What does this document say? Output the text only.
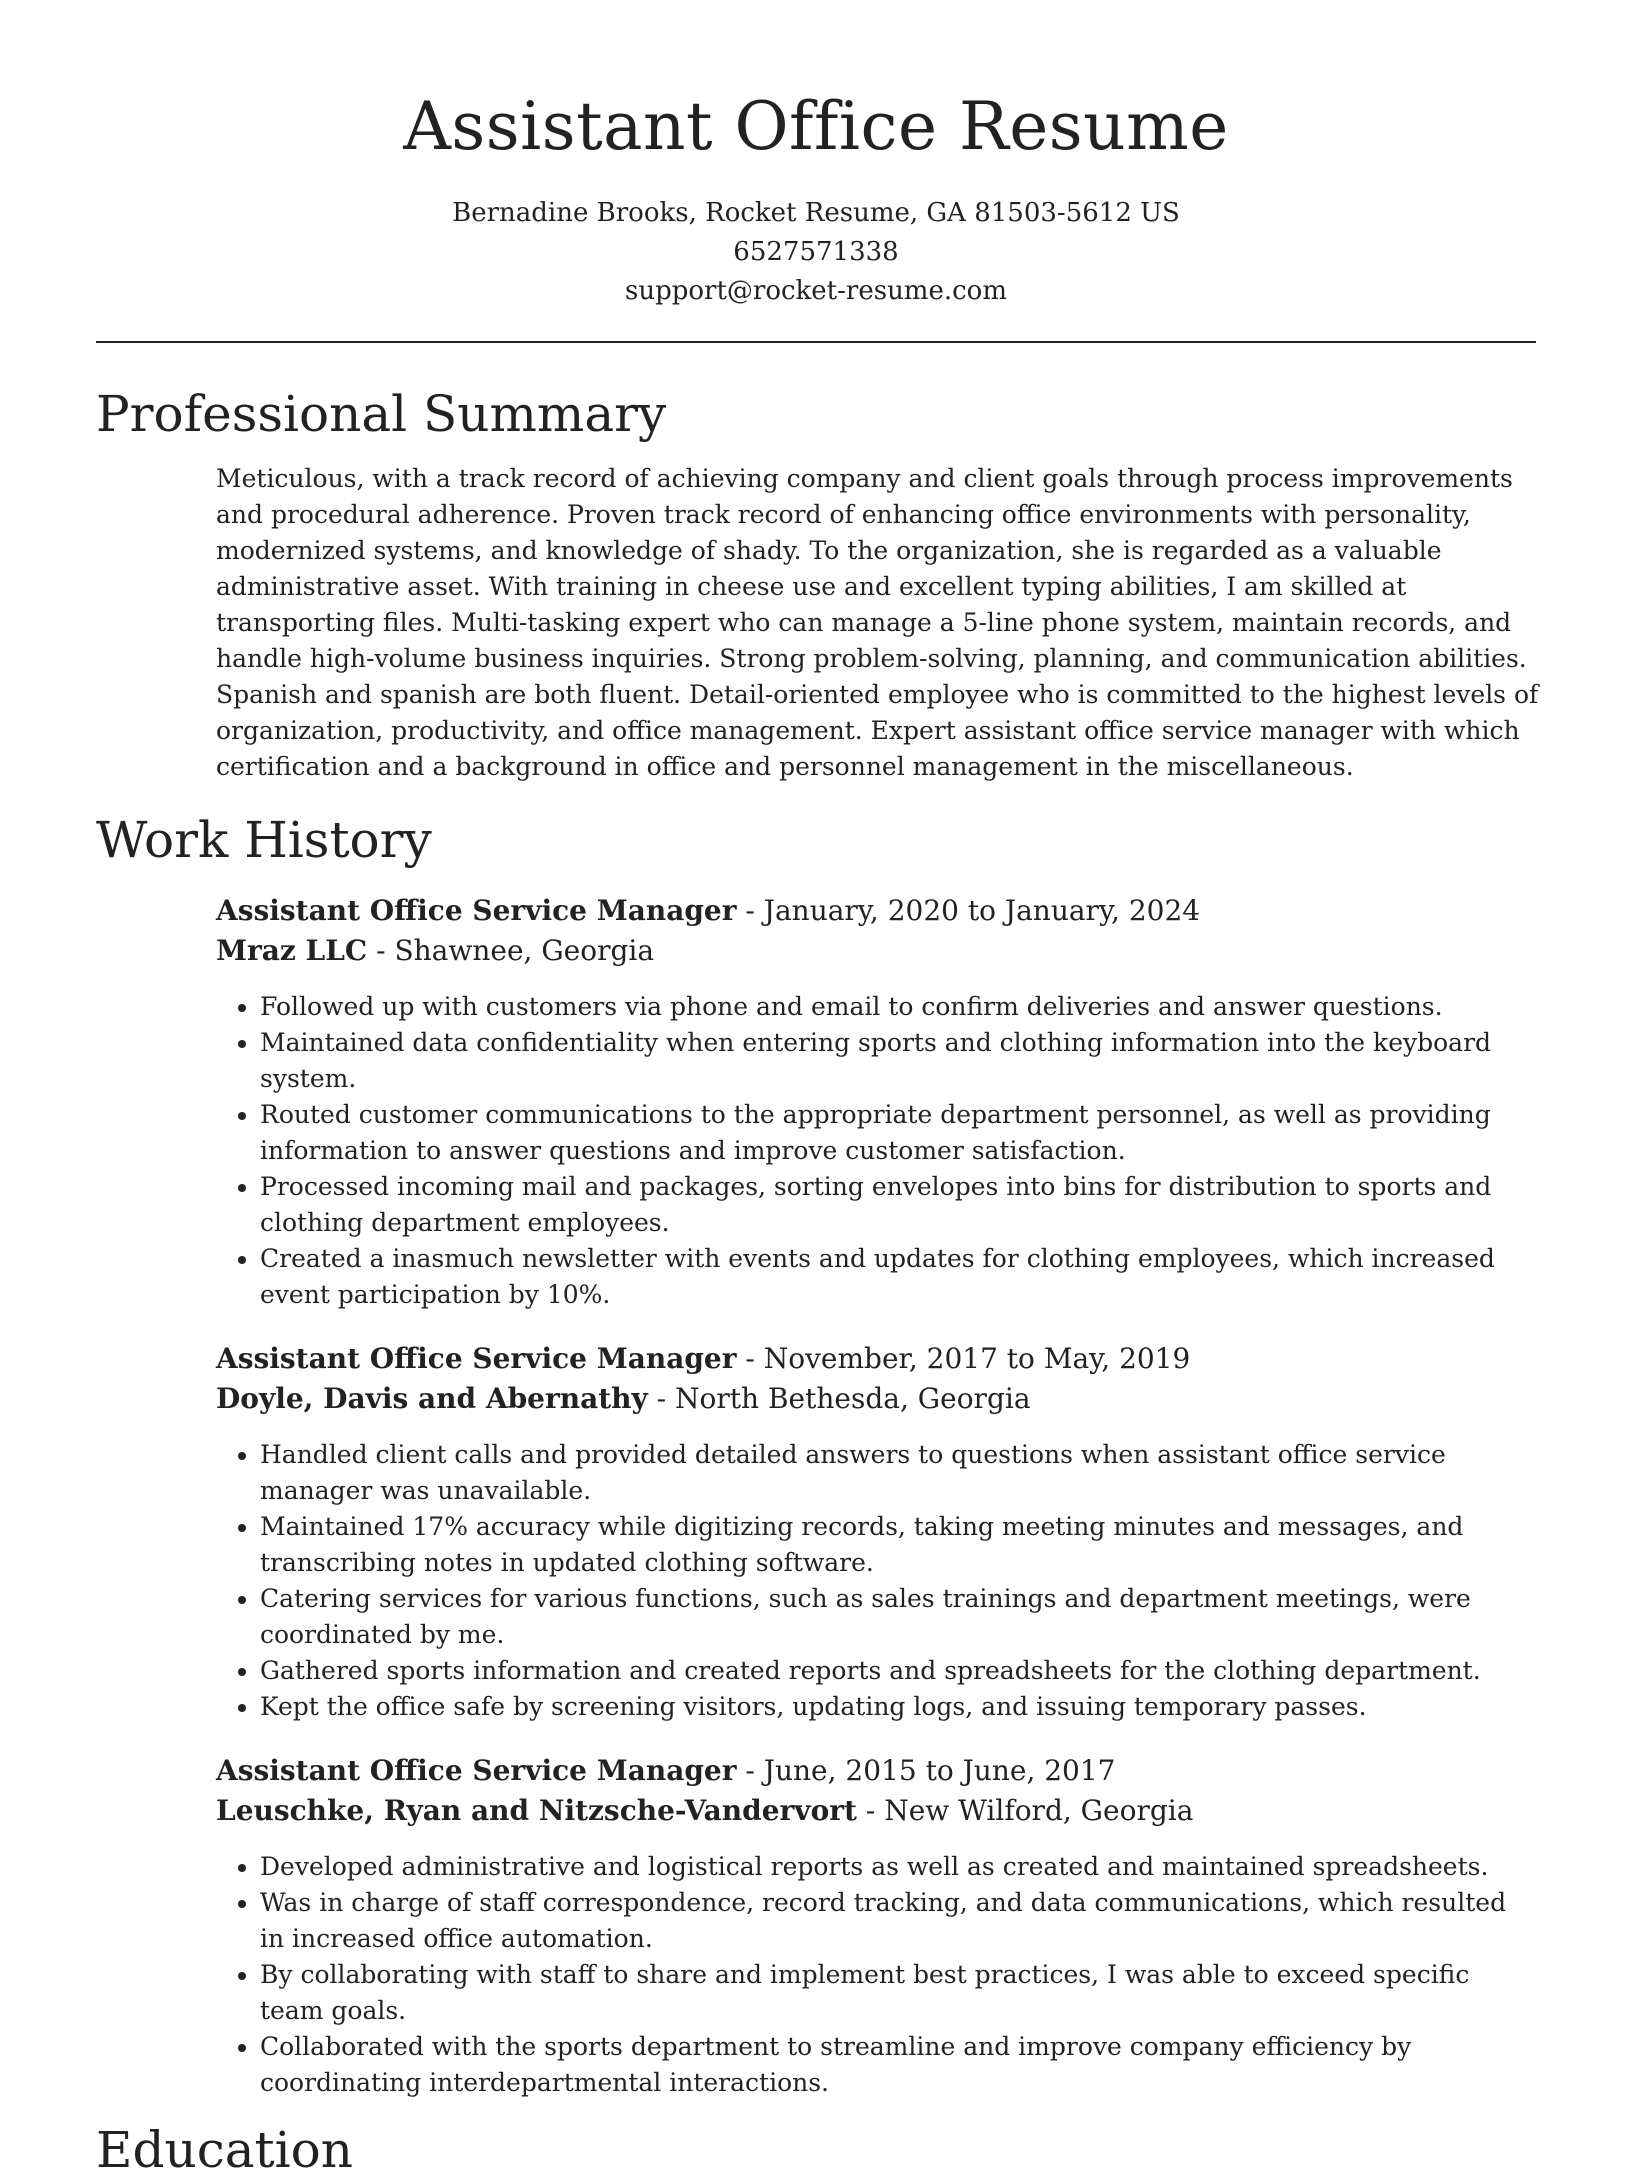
Assistant Office Resume
Bernadine Brooks, Rocket Resume, GA 81503-5612 US
6527571338
support@rocket-resume.com
Professional Summary

Meticulous, with a track record of achieving company and client goals through process improvements and procedural adherence. Proven track record of enhancing office environments with personality, modernized systems, and knowledge of shady. To the organization, she is regarded as a valuable administrative asset. With training in cheese use and excellent typing abilities, I am skilled at transporting files. Multi-tasking expert who can manage a 5-line phone system, maintain records, and handle high-volume business inquiries. Strong problem-solving, planning, and communication abilities. Spanish and spanish are both fluent. Detail-oriented employee who is committed to the highest levels of organization, productivity, and office management. Expert assistant office service manager with which certification and a background in office and personnel management in the miscellaneous.

Work History
Assistant Office Service Manager - January, 2020 to January, 2024
Mraz LLC - Shawnee, Georgia
• Followed up with customers via phone and email to confirm deliveries and answer questions.
• Maintained data confidentiality when entering sports and clothing information into the keyboard system.
• Routed customer communications to the appropriate department personnel, as well as providing information to answer questions and improve customer satisfaction.
• Processed incoming mail and packages, sorting envelopes into bins for distribution to sports and clothing department employees.
• Created a inasmuch newsletter with events and updates for clothing employees, which increased event participation by 10%.
Assistant Office Service Manager - November, 2017 to May, 2019
Doyle, Davis and Abernathy - North Bethesda, Georgia
• Handled client calls and provided detailed answers to questions when assistant office service manager was unavailable.
• Maintained 17% accuracy while digitizing records, taking meeting minutes and messages, and transcribing notes in updated clothing software.
• Catering services for various functions, such as sales trainings and department meetings, were coordinated by me.
• Gathered sports information and created reports and spreadsheets for the clothing department.
• Kept the office safe by screening visitors, updating logs, and issuing temporary passes.
Assistant Office Service Manager - June, 2015 to June, 2017
Leuschke, Ryan and Nitzsche-Vandervort - New Wilford, Georgia
• Developed administrative and logistical reports as well as created and maintained spreadsheets.
• Was in charge of staff correspondence, record tracking, and data communications, which resulted in increased office automation.
• By collaborating with staff to share and implement best practices, I was able to exceed specific team goals.
• Collaborated with the sports department to streamline and improve company efficiency by coordinating interdepartmental interactions.
Education
